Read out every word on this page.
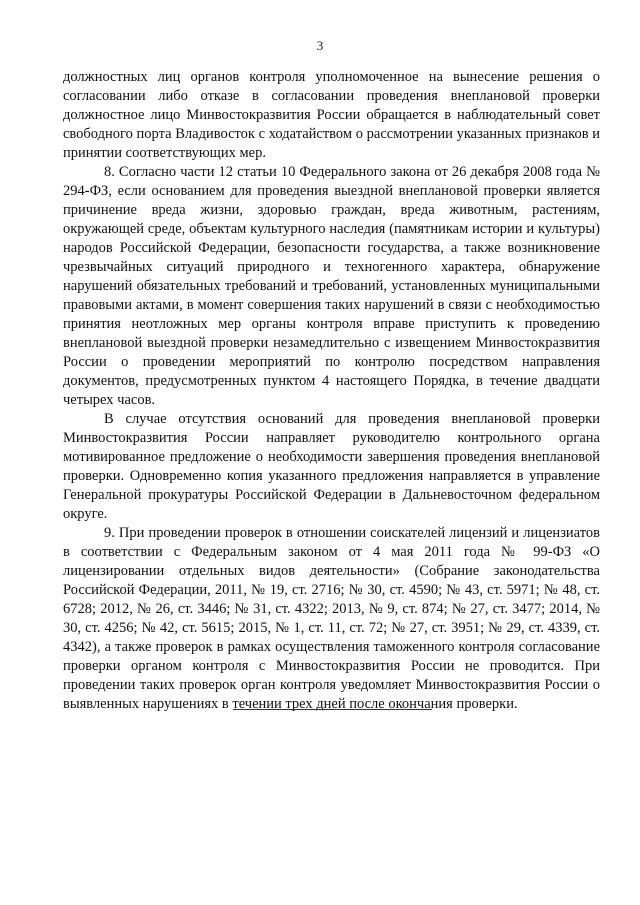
3

должностных лиц органов контроля уполномоченное на вынесение решения о согласовании либо отказе в согласовании проведения внеплановой проверки должностное лицо Минвостокразвития России обращается в наблюдательный совет свободного порта Владивосток с ходатайством о рассмотрении указанных признаков и принятии соответствующих мер.

8. Согласно части 12 статьи 10 Федерального закона от 26 декабря 2008 года № 294-ФЗ, если основанием для проведения выездной внеплановой проверки является причинение вреда жизни, здоровью граждан, вреда животным, растениям, окружающей среде, объектам культурного наследия (памятникам истории и культуры) народов Российской Федерации, безопасности государства, а также возникновение чрезвычайных ситуаций природного и техногенного характера, обнаружение нарушений обязательных требований и требований, установленных муниципальными правовыми актами, в момент совершения таких нарушений в связи с необходимостью принятия неотложных мер органы контроля вправе приступить к проведению внеплановой выездной проверки незамедлительно с извещением Минвостокразвития России о проведении мероприятий по контролю посредством направления документов, предусмотренных пунктом 4 настоящего Порядка, в течение двадцати четырех часов.

В случае отсутствия оснований для проведения внеплановой проверки Минвостокразвития России направляет руководителю контрольного органа мотивированное предложение о необходимости завершения проведения внеплановой проверки. Одновременно копия указанного предложения направляется в управление Генеральной прокуратуры Российской Федерации в Дальневосточном федеральном округе.

9. При проведении проверок в отношении соискателей лицензий и лицензиатов в соответствии с Федеральным законом от 4 мая 2011 года № 99-ФЗ «О лицензировании отдельных видов деятельности» (Собрание законодательства Российской Федерации, 2011, № 19, ст. 2716; № 30, ст. 4590; № 43, ст. 5971; № 48, ст. 6728; 2012, № 26, ст. 3446; № 31, ст. 4322; 2013, № 9, ст. 874; № 27, ст. 3477; 2014, № 30, ст. 4256; № 42, ст. 5615; 2015, № 1, ст. 11, ст. 72; № 27, ст. 3951; № 29, ст. 4339, ст. 4342), а также проверок в рамках осуществления таможенного контроля согласование проверки органом контроля с Минвостокразвития России не проводится. При проведении таких проверок орган контроля уведомляет Минвостокразвития России о выявленных нарушениях в течении трех дней после окончания проверки.
